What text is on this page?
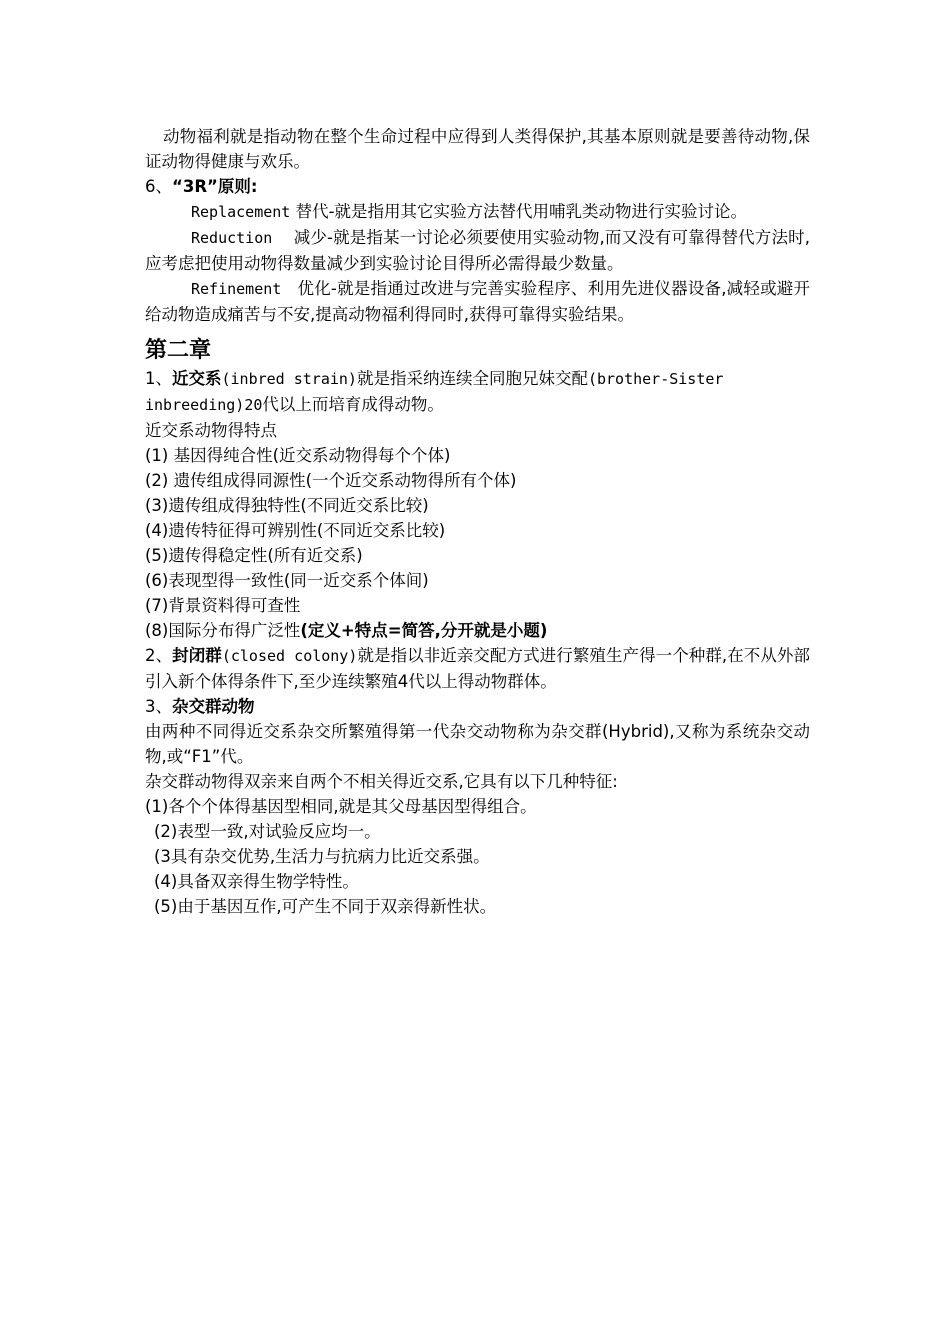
动物福利就是指动物在整个生命过程中应得到人类得保护,其基本原则就是要善待动物,保证动物得健康与欢乐。

6、“3R”原则:

Replacement 替代-就是指用其它实验方法替代用哺乳类动物进行实验讨论。

Reduction 减少-就是指某一讨论必须要使用实验动物,而又没有可靠得替代方法时,应考虑把使用动物得数量减少到实验讨论目得所必需得最少数量。

Refinement 优化-就是指通过改进与完善实验程序、利用先进仪器设备,减轻或避开给动物造成痛苦与不安,提高动物福利得同时,获得可靠得实验结果。

第二章

1、近交系(inbred strain)就是指采纳连续全同胞兄妹交配(brother-Sister

inbreeding)20代以上而培育成得动物。

近交系动物得特点

(1) 基因得纯合性(近交系动物得每个个体)

(2) 遗传组成得同源性(一个近交系动物得所有个体)

(3)遗传组成得独特性(不同近交系比较)

(4)遗传特征得可辨别性(不同近交系比较)

(5)遗传得稳定性(所有近交系)

(6)表现型得一致性(同一近交系个体间)

(7)背景资料得可查性

(8)国际分布得广泛性(定义+特点=简答,分开就是小题)

2、封闭群(closed colony)就是指以非近亲交配方式进行繁殖生产得一个种群,在不从外部引入新个体得条件下,至少连续繁殖4代以上得动物群体。

3、杂交群动物

由两种不同得近交系杂交所繁殖得第一代杂交动物称为杂交群(Hybrid),又称为系统杂交动物,或“F1”代。

杂交群动物得双亲来自两个不相关得近交系,它具有以下几种特征:

(1)各个个体得基因型相同,就是其父母基因型得组合。

(2)表型一致,对试验反应均一。

(3具有杂交优势,生活力与抗病力比近交系强。

(4)具备双亲得生物学特性。

(5)由于基因互作,可产生不同于双亲得新性状。
